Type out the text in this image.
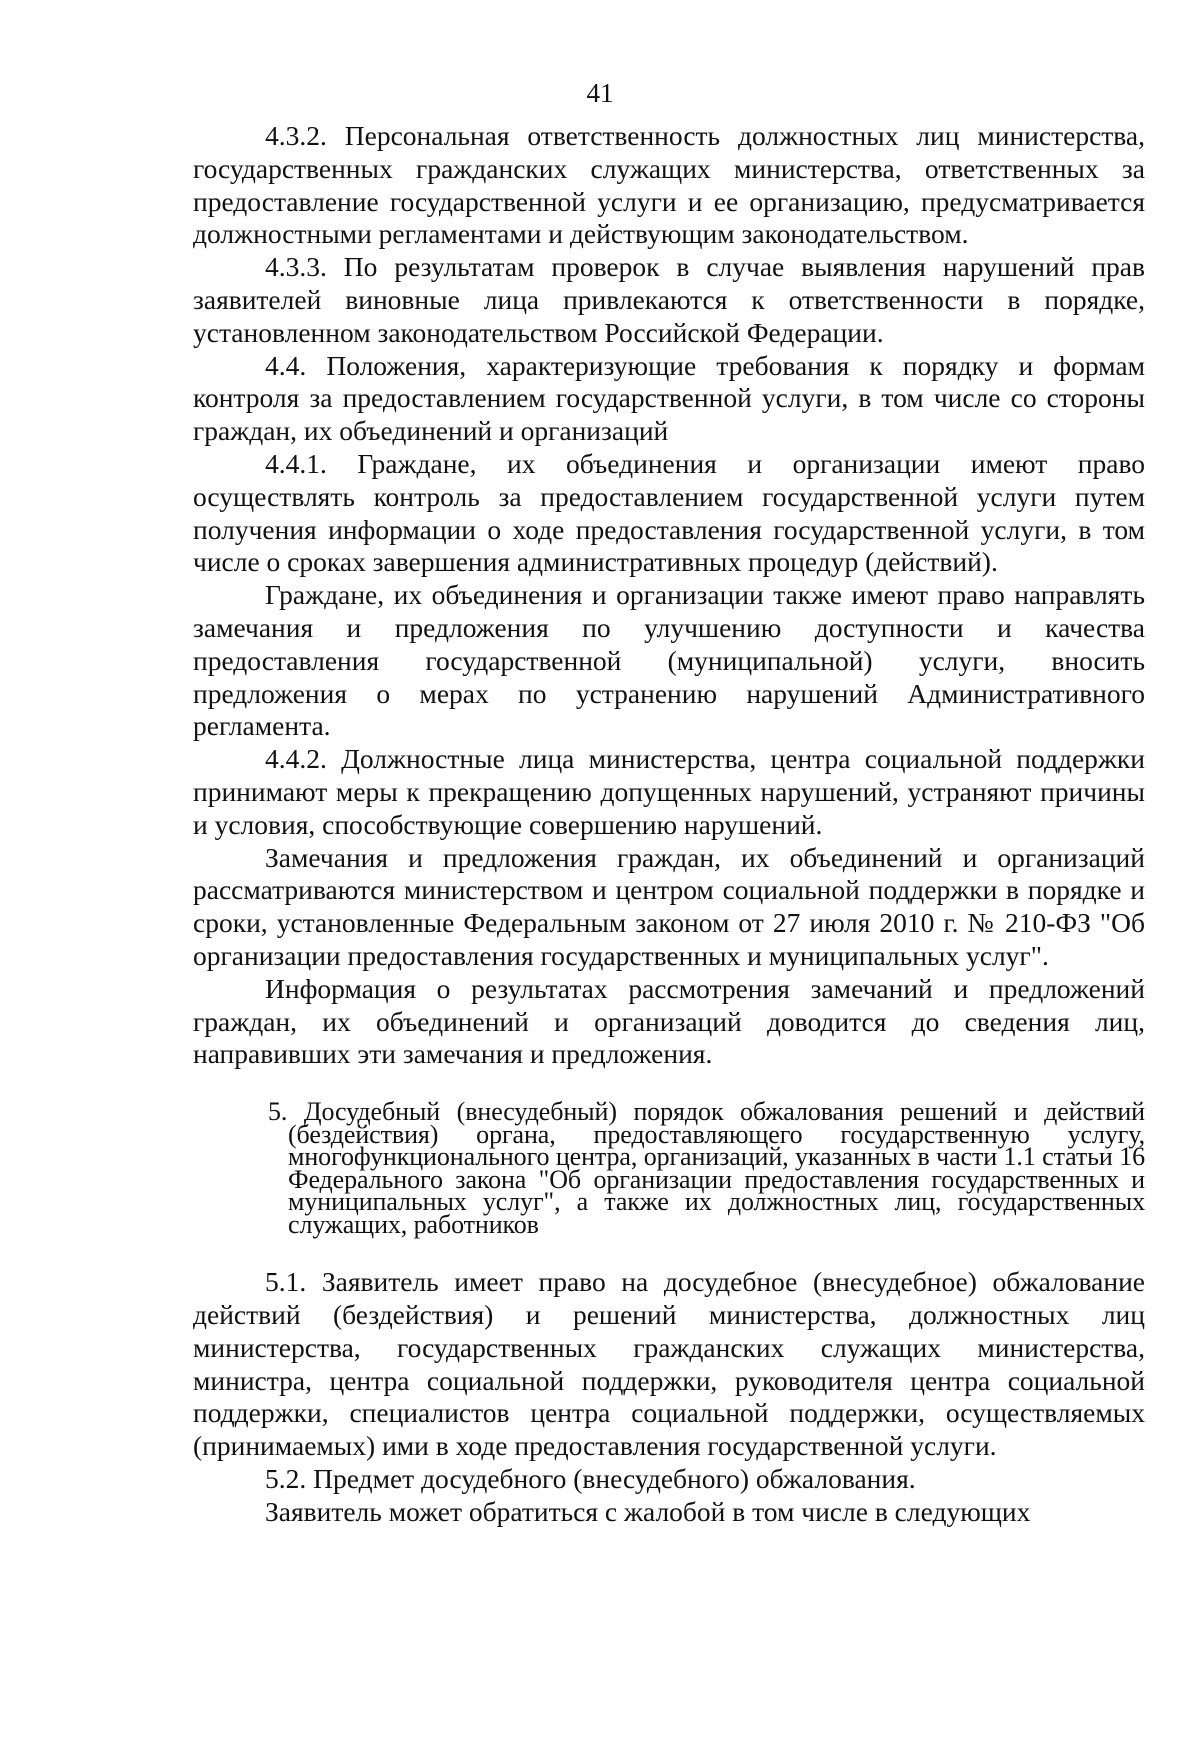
41

4.3.2. Персональная ответственность должностных лиц министерства, государственных гражданских служащих министерства, ответственных за предоставление государственной услуги и ее организацию, предусматривается должностными регламентами и действующим законодательством.

4.3.3. По результатам проверок в случае выявления нарушений прав заявителей виновные лица привлекаются к ответственности в порядке, установленном законодательством Российской Федерации.

4.4. Положения, характеризующие требования к порядку и формам контроля за предоставлением государственной услуги, в том числе со стороны граждан, их объединений и организаций

4.4.1. Граждане, их объединения и организации имеют право осуществлять контроль за предоставлением государственной услуги путем получения информации о ходе предоставления государственной услуги, в том числе о сроках завершения административных процедур (действий).

Граждане, их объединения и организации также имеют право направлять замечания и предложения по улучшению доступности и качества предоставления государственной (муниципальной) услуги, вносить предложения о мерах по устранению нарушений Административного регламента.

4.4.2. Должностные лица министерства, центра социальной поддержки принимают меры к прекращению допущенных нарушений, устраняют причины и условия, способствующие совершению нарушений.

Замечания и предложения граждан, их объединений и организаций рассматриваются министерством и центром социальной поддержки в порядке и сроки, установленные Федеральным законом от 27 июля 2010 г. № 210-ФЗ "Об организации предоставления государственных и муниципальных услуг".

Информация о результатах рассмотрения замечаний и предложений граждан, их объединений и организаций доводится до сведения лиц, направивших эти замечания и предложения.

5. Досудебный (внесудебный) порядок обжалования решений и действий (бездействия) органа, предоставляющего государственную услугу, многофункционального центра, организаций, указанных в части 1.1 статьи 16 Федерального закона "Об организации предоставления государственных и муниципальных услуг", а также их должностных лиц, государственных служащих, работников

5.1. Заявитель имеет право на досудебное (внесудебное) обжалование действий (бездействия) и решений министерства, должностных лиц министерства, государственных гражданских служащих министерства, министра, центра социальной поддержки, руководителя центра социальной поддержки, специалистов центра социальной поддержки, осуществляемых (принимаемых) ими в ходе предоставления государственной услуги.

5.2. Предмет досудебного (внесудебного) обжалования.

Заявитель может обратиться с жалобой в том числе в следующих
